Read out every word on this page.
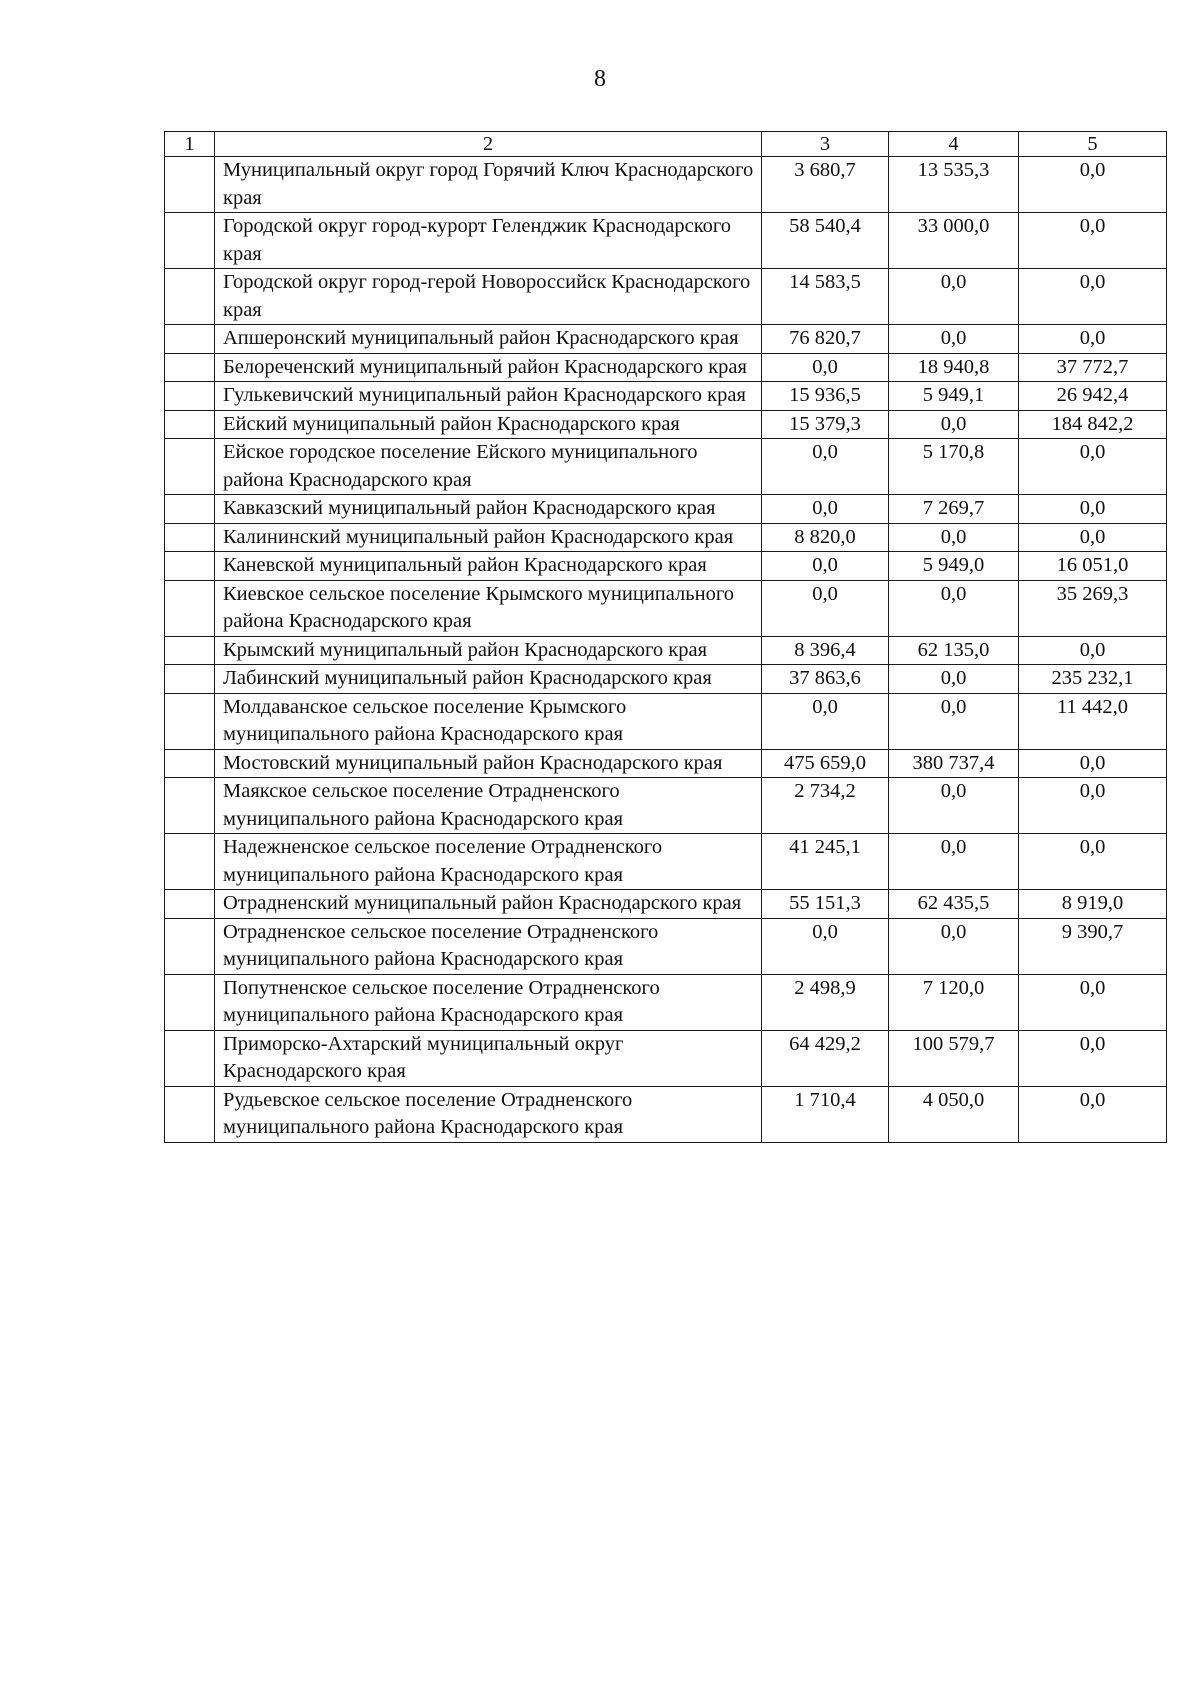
8
1	2	3	4	5
	Муниципальный округ город Горячий Ключ Краснодарского края	3 680,7	13 535,3	0,0
	Городской округ город-курорт Геленджик Краснодарского края	58 540,4	33 000,0	0,0
	Городской округ город-герой Новороссийск Краснодарского края	14 583,5	0,0	0,0
	Апшеронский муниципальный район Краснодарского края	76 820,7	0,0	0,0
	Белореченский муниципальный район Краснодарского края	0,0	18 940,8	37 772,7
	Гулькевичский муниципальный район Краснодарского края	15 936,5	5 949,1	26 942,4
	Ейский муниципальный район Краснодарского края	15 379,3	0,0	184 842,2
	Ейское городское поселение Ейского муниципального района Краснодарского края	0,0	5 170,8	0,0
	Кавказский муниципальный район Краснодарского края	0,0	7 269,7	0,0
	Калининский муниципальный район Краснодарского края	8 820,0	0,0	0,0
	Каневской муниципальный район Краснодарского края	0,0	5 949,0	16 051,0
	Киевское сельское поселение Крымского муниципального района Краснодарского края	0,0	0,0	35 269,3
	Крымский муниципальный район Краснодарского края	8 396,4	62 135,0	0,0
	Лабинский муниципальный район Краснодарского края	37 863,6	0,0	235 232,1
	Молдаванское сельское поселение Крымского муниципального района Краснодарского края	0,0	0,0	11 442,0
	Мостовский муниципальный район Краснодарского края	475 659,0	380 737,4	0,0
	Маякское сельское поселение Отрадненского муниципального района Краснодарского края	2 734,2	0,0	0,0
	Надежненское сельское поселение Отрадненского муниципального района Краснодарского края	41 245,1	0,0	0,0
	Отрадненский муниципальный район Краснодарского края	55 151,3	62 435,5	8 919,0
	Отрадненское сельское поселение Отрадненского муниципального района Краснодарского края	0,0	0,0	9 390,7
	Попутненское сельское поселение Отрадненского муниципального района Краснодарского края	2 498,9	7 120,0	0,0
	Приморско-Ахтарский муниципальный округ Краснодарского края	64 429,2	100 579,7	0,0
	Рудьевское сельское поселение Отрадненского муниципального района Краснодарского края	1 710,4	4 050,0	0,0
